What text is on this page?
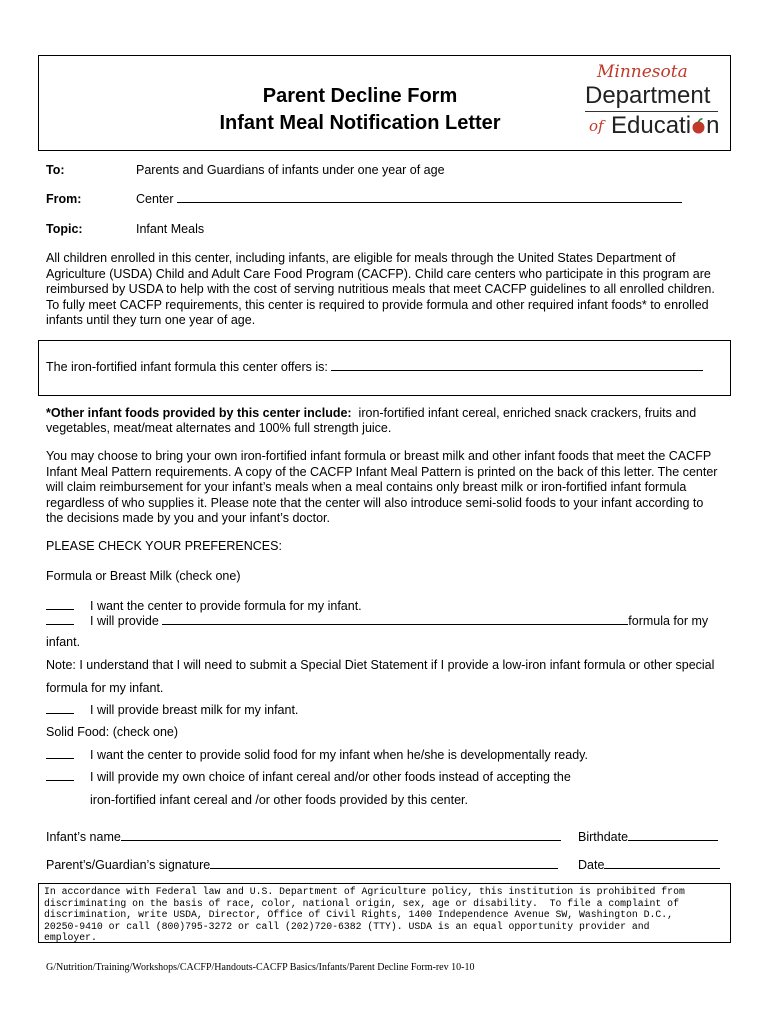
Parent Decline Form
Infant Meal Notification Letter
Minnesota
Department
of Educati n
To:	Parents and Guardians of infants under one year of age
From:	Center
Topic:	Infant Meals
All children enrolled in this center, including infants, are eligible for meals through the United States Department of
Agriculture (USDA) Child and Adult Care Food Program (CACFP). Child care centers who participate in this program are
reimbursed by USDA to help with the cost of serving nutritious meals that meet CACFP guidelines to all enrolled children.
To fully meet CACFP requirements, this center is required to provide formula and other required infant foods* to enrolled
infants until they turn one year of age.
The iron-fortified infant formula this center offers is:
*Other infant foods provided by this center include: iron-fortified infant cereal, enriched snack crackers, fruits and
vegetables, meat/meat alternates and 100% full strength juice.
You may choose to bring your own iron-fortified infant formula or breast milk and other infant foods that meet the CACFP
Infant Meal Pattern requirements. A copy of the CACFP Infant Meal Pattern is printed on the back of this letter. The center
will claim reimbursement for your infant’s meals when a meal contains only breast milk or iron-fortified infant formula
regardless of who supplies it. Please note that the center will also introduce semi-solid foods to your infant according to
the decisions made by you and your infant’s doctor.
PLEASE CHECK YOUR PREFERENCES:
Formula or Breast Milk (check one)
I want the center to provide formula for my infant.
I will provide	formula for my
infant.
Note: I understand that I will need to submit a Special Diet Statement if I provide a low-iron infant formula or other special
formula for my infant.
I will provide breast milk for my infant.
Solid Food: (check one)
I want the center to provide solid food for my infant when he/she is developmentally ready.
I will provide my own choice of infant cereal and/or other foods instead of accepting the
iron-fortified infant cereal and /or other foods provided by this center.
Infant’s name	Birthdate
Parent’s/Guardian’s signature	Date
In accordance with Federal law and U.S. Department of Agriculture policy, this institution is prohibited from
discriminating on the basis of race, color, national origin, sex, age or disability.  To file a complaint of
discrimination, write USDA, Director, Office of Civil Rights, 1400 Independence Avenue SW, Washington D.C.,
20250-9410 or call (800)795-3272 or call (202)720-6382 (TTY). USDA is an equal opportunity provider and
employer.
G/Nutrition/Training/Workshops/CACFP/Handouts-CACFP Basics/Infants/Parent Decline Form-rev 10-10
